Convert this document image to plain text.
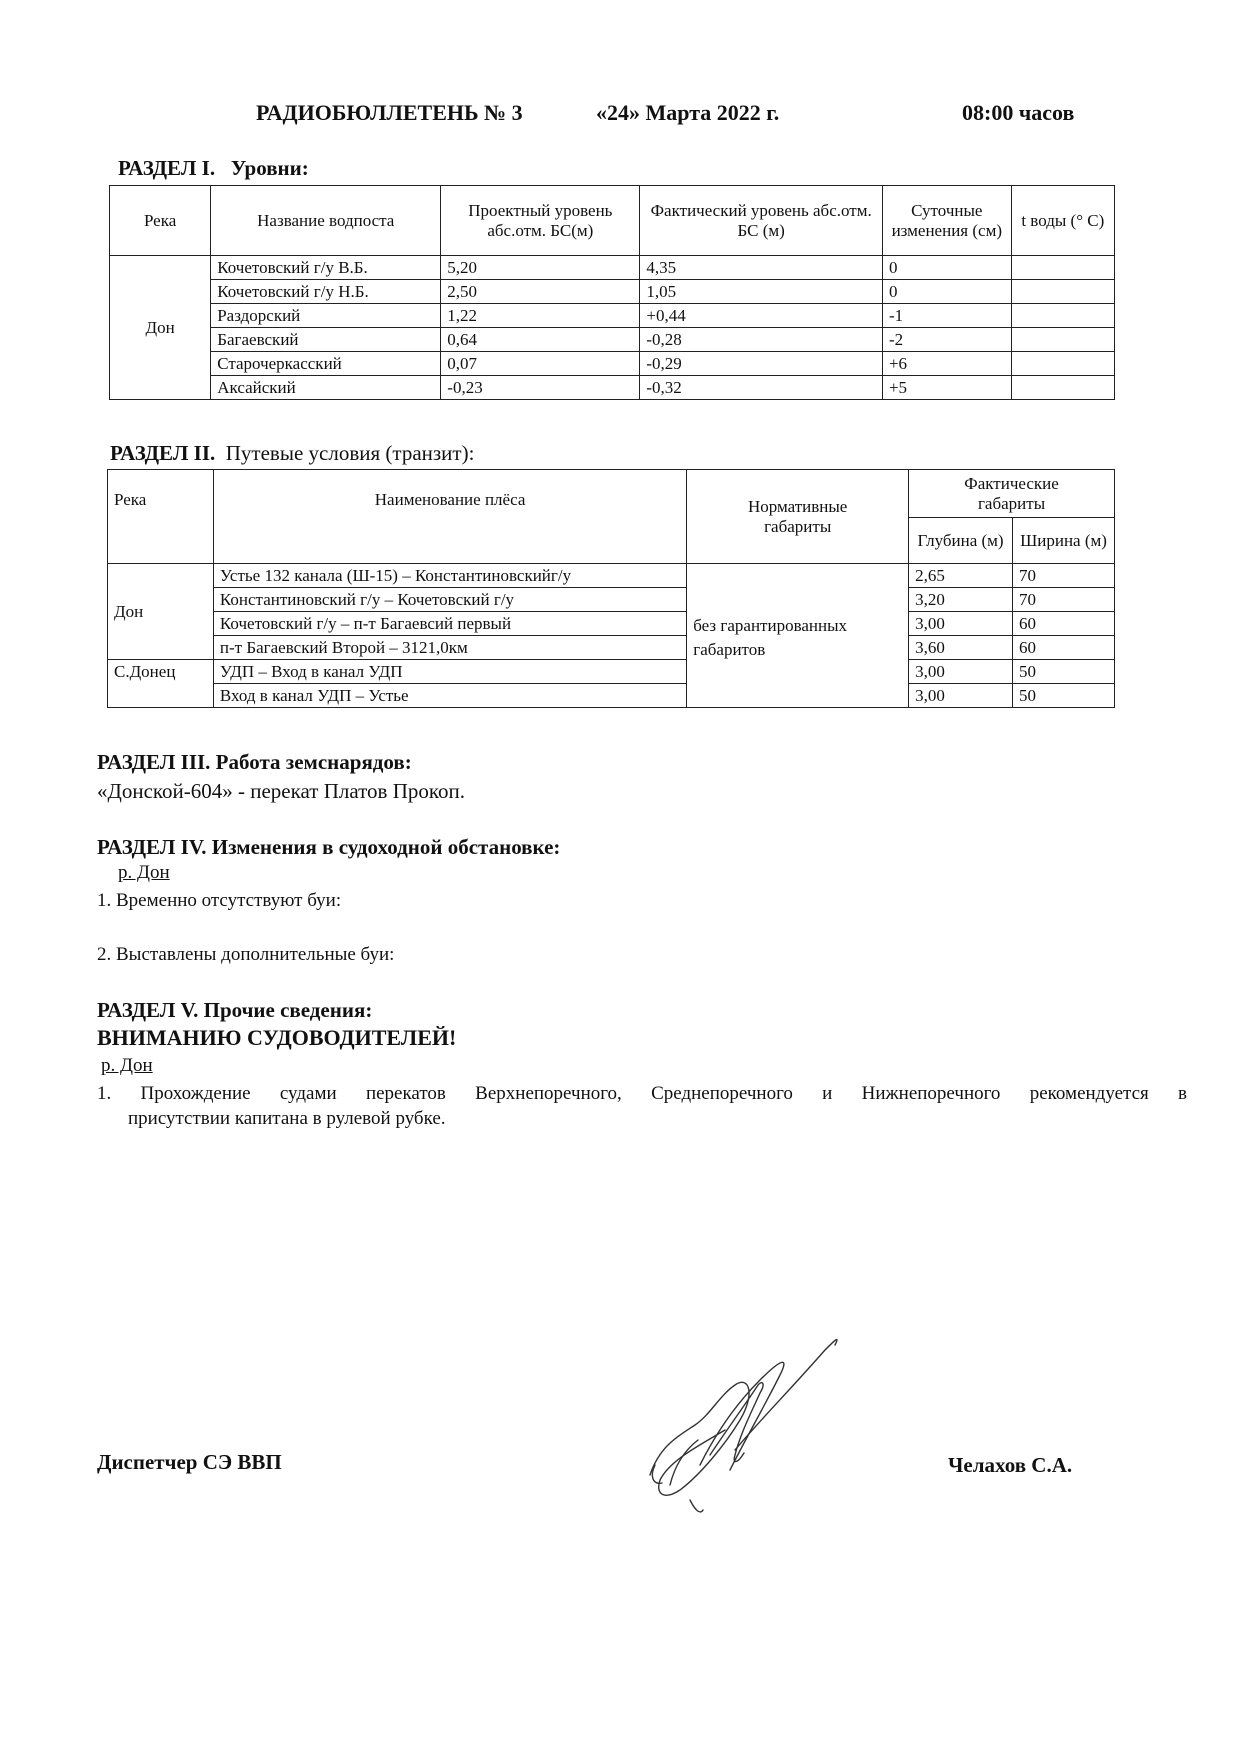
РАДИОБЮЛЛЕТЕНЬ № 3	«24» Марта 2022 г.	08:00 часов
РАЗДЕЛ I. Уровни:
Река	Название водпоста	Проектный уровень абс.отм. БС(м)	Фактический уровень абс.отм. БС (м)	Суточные изменения (см)	t воды (° С)
Дон	Кочетовский г/у В.Б.	5,20	4,35	0	
	Кочетовский г/у Н.Б.	2,50	1,05	0	
	Раздорский	1,22	+0,44	-1	
	Багаевский	0,64	-0,28	-2	
	Старочеркасский	0,07	-0,29	+6	
	Аксайский	-0,23	-0,32	+5	
РАЗДЕЛ II. Путевые условия (транзит):
Река	Наименование плёса	Нормативные габариты	Фактические габариты	
			Глубина (м)	Ширина (м)
Дон	Устье 132 канала (Ш-15) – Константиновскийг/у	без гарантированных габаритов	2,65	70
	Константиновский г/у – Кочетовский г/у		3,20	70
	Кочетовский г/у – п-т Багаевсий первый		3,00	60
	п-т Багаевский Второй – 3121,0км		3,60	60
С.Донец	УДП – Вход в канал УДП		3,00	50
	Вход в канал УДП – Устье		3,00	50
РАЗДЕЛ III. Работа земснарядов:
«Донской-604» - перекат Платов Прокоп.
РАЗДЕЛ IV. Изменения в судоходной обстановке:
р. Дон
1. Временно отсутствуют буи:
2. Выставлены дополнительные буи:
РАЗДЕЛ V. Прочие сведения:
ВНИМАНИЮ СУДОВОДИТЕЛЕЙ!
р. Дон
1. Прохождение судами перекатов Верхнепоречного, Среднепоречного и Нижнепоречного рекомендуется в
присутствии капитана в рулевой рубке.
Диспетчер СЭ ВВП	Челахов С.А.
